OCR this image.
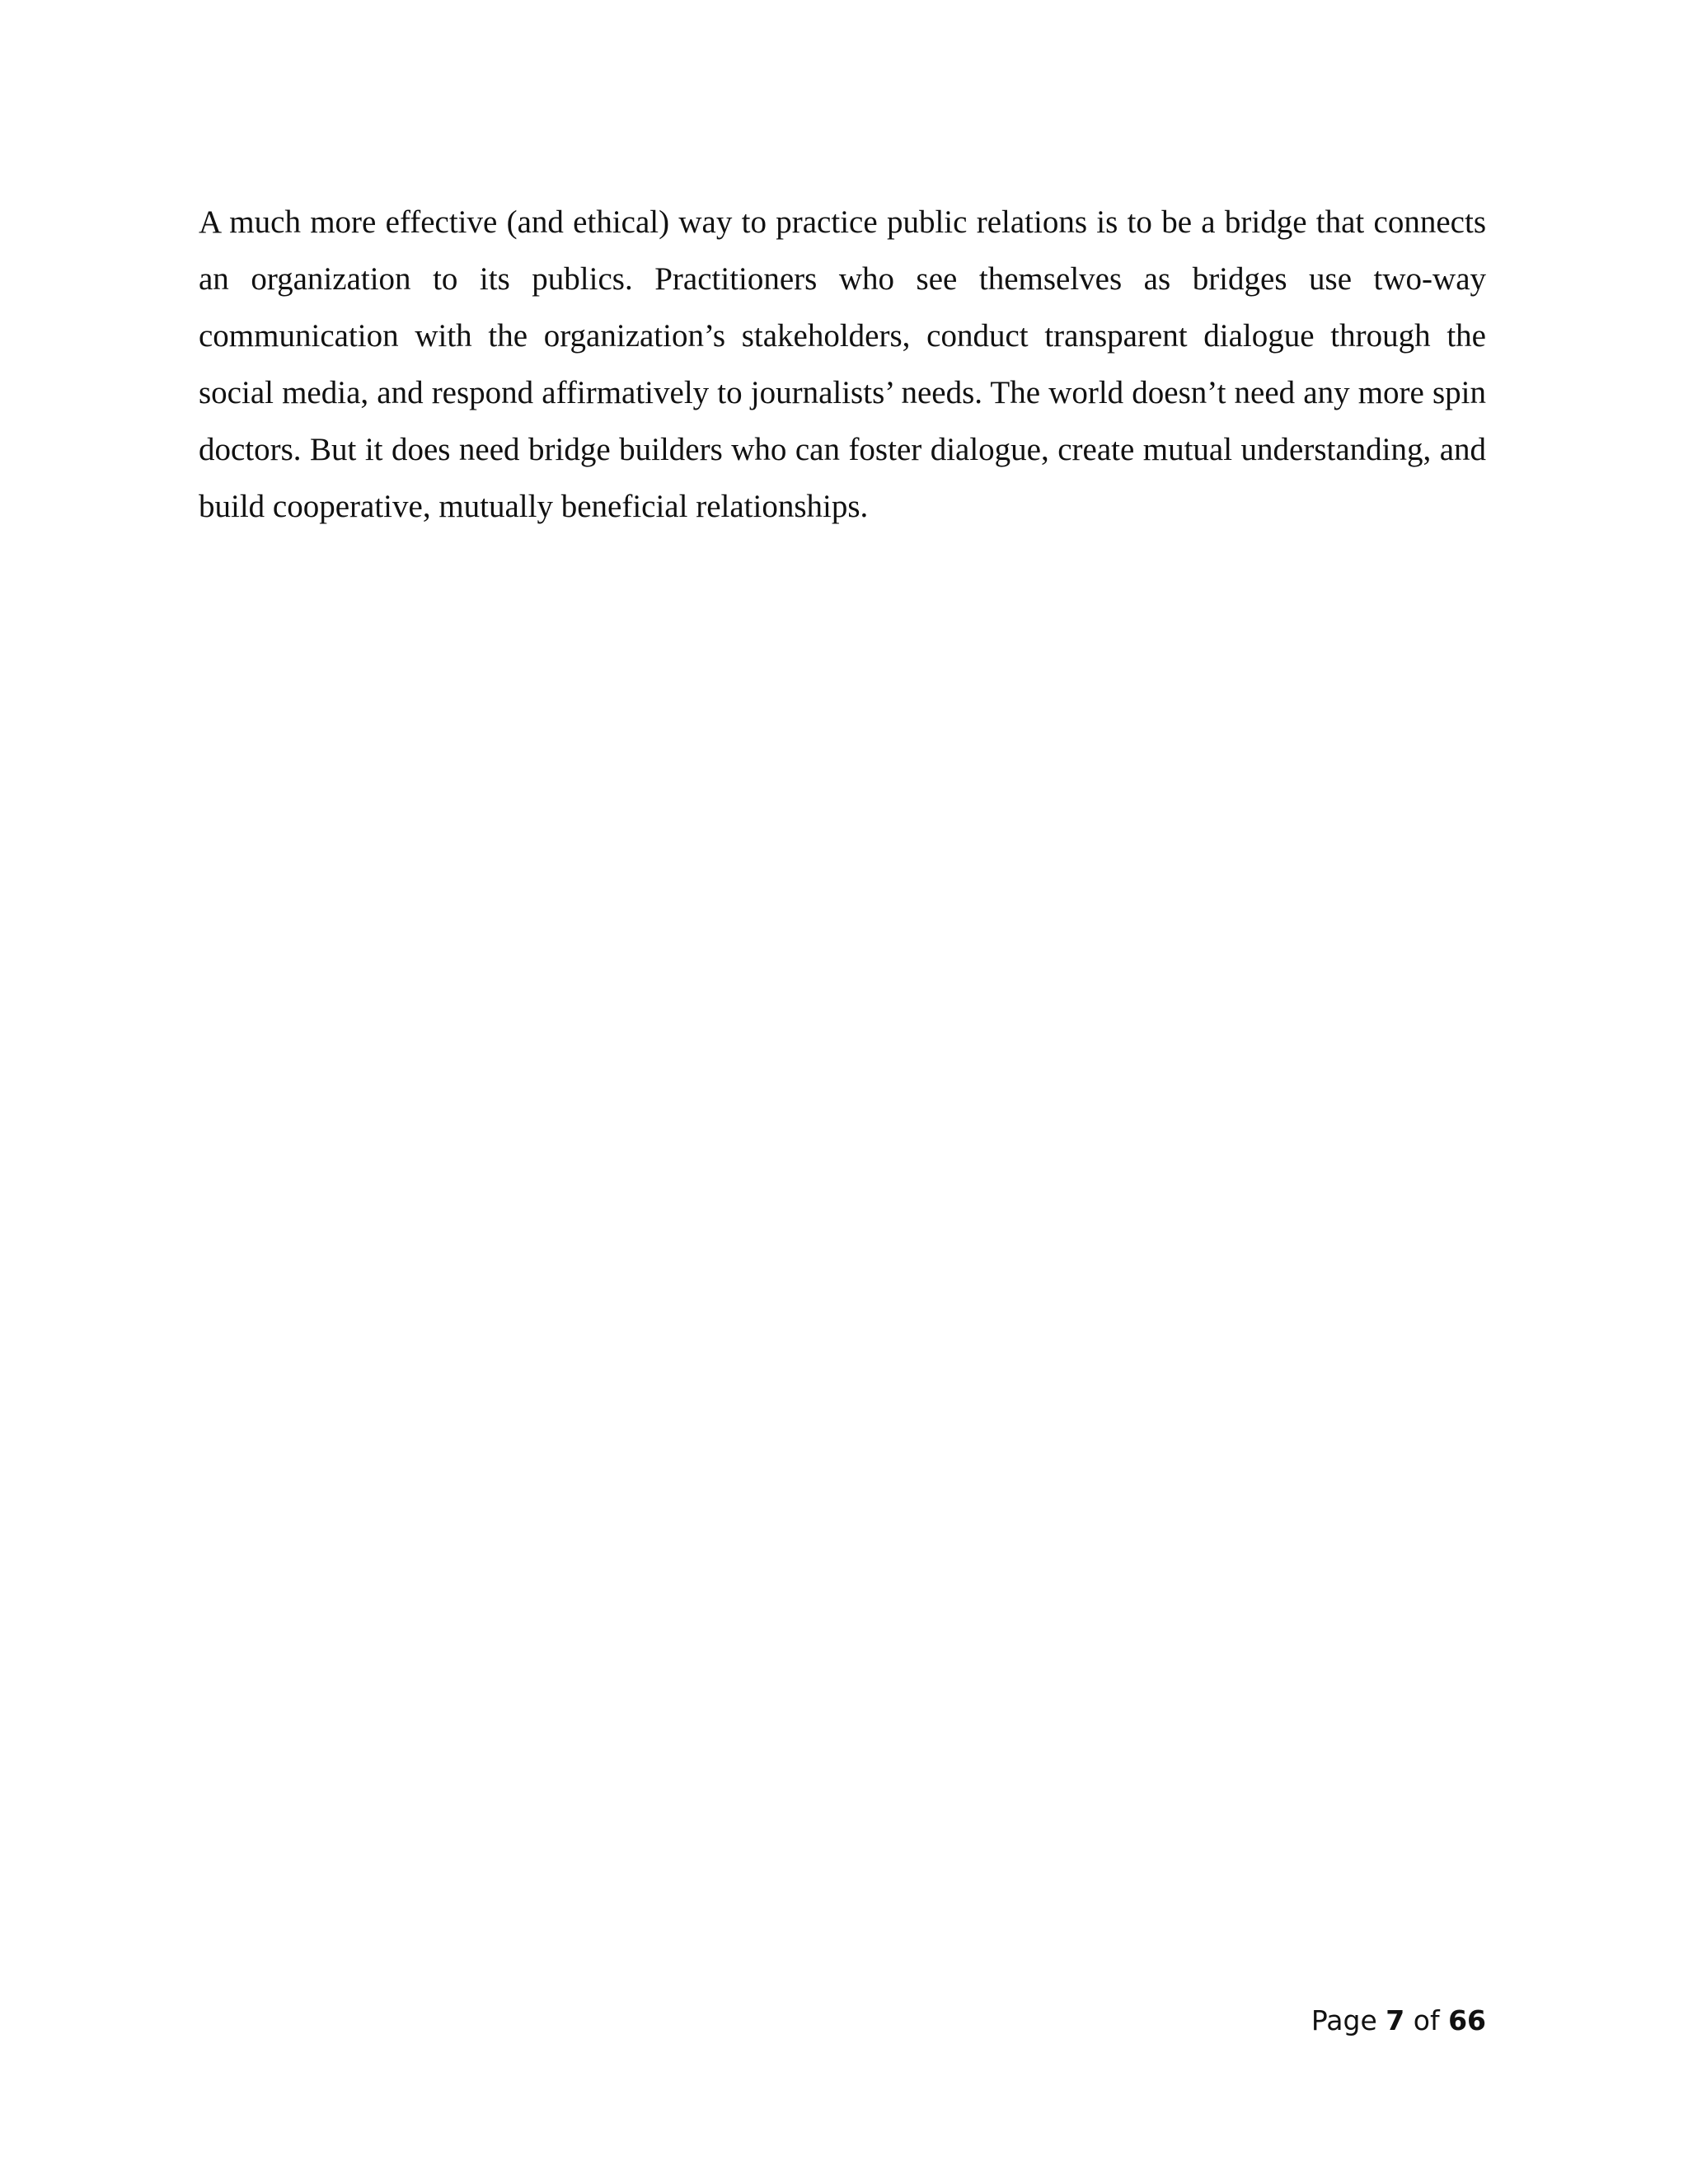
A much more effective (and ethical) way to practice public relations is to be a bridge that connects an organization to its publics. Practitioners who see themselves as bridges use two-way communication with the organization’s stakeholders, conduct transparent dialogue through the social media, and respond affirmatively to journalists’ needs. The world doesn’t need any more spin doctors. But it does need bridge builders who can foster dialogue, create mutual understanding, and build cooperative, mutually beneficial relationships.

Page 7 of 66
